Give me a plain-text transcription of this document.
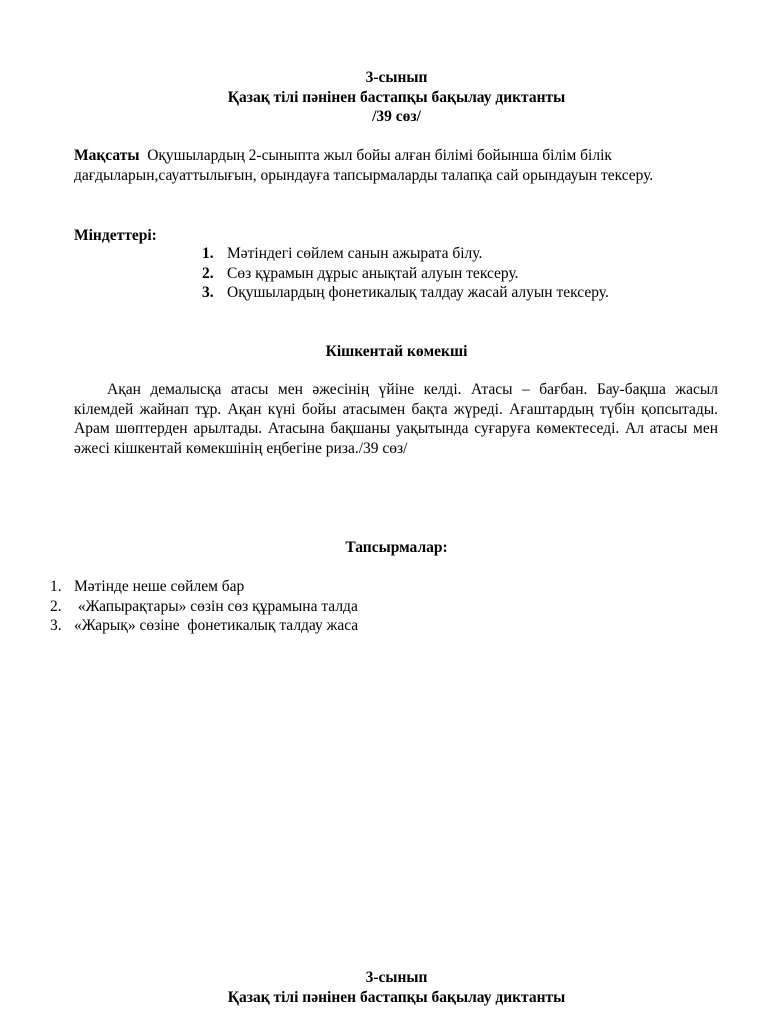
3-сынып
Қазақ тілі пәнінен бастапқы бақылау диктанты
/39 сөз/
Мақсаты Оқушылардың 2-сыныпта жыл бойы алған білімі бойынша білім білік дағдыларын,сауаттылығын, орындауға тапсырмаларды талапқа сай орындауын тексеру.
Міндеттері:
1. Мәтіндегі сөйлем санын ажырата білу.
2. Сөз құрамын дұрыс анықтай алуын тексеру.
3. Оқушылардың фонетикалық талдау жасай алуын тексеру.
Кішкентай көмекші

Ақан демалысқа атасы мен әжесінің үйіне келді. Атасы – бағбан. Бау-бақша жасыл кілемдей жайнап тұр. Ақан күні бойы атасымен бақта жүреді. Ағаштардың түбін қопсытады. Арам шөптерден арылтады. Атасына бақшаны уақытында суғаруға көмектеседі. Ал атасы мен әжесі кішкентай көмекшінің еңбегіне риза./39 сөз/

Тапсырмалар:
1. Мәтінде неше сөйлем бар
2. «Жапырақтары» сөзін сөз құрамына талда
3. «Жарық» сөзіне  фонетикалық талдау жаса
3-сынып
Қазақ тілі пәнінен бастапқы бақылау диктанты
